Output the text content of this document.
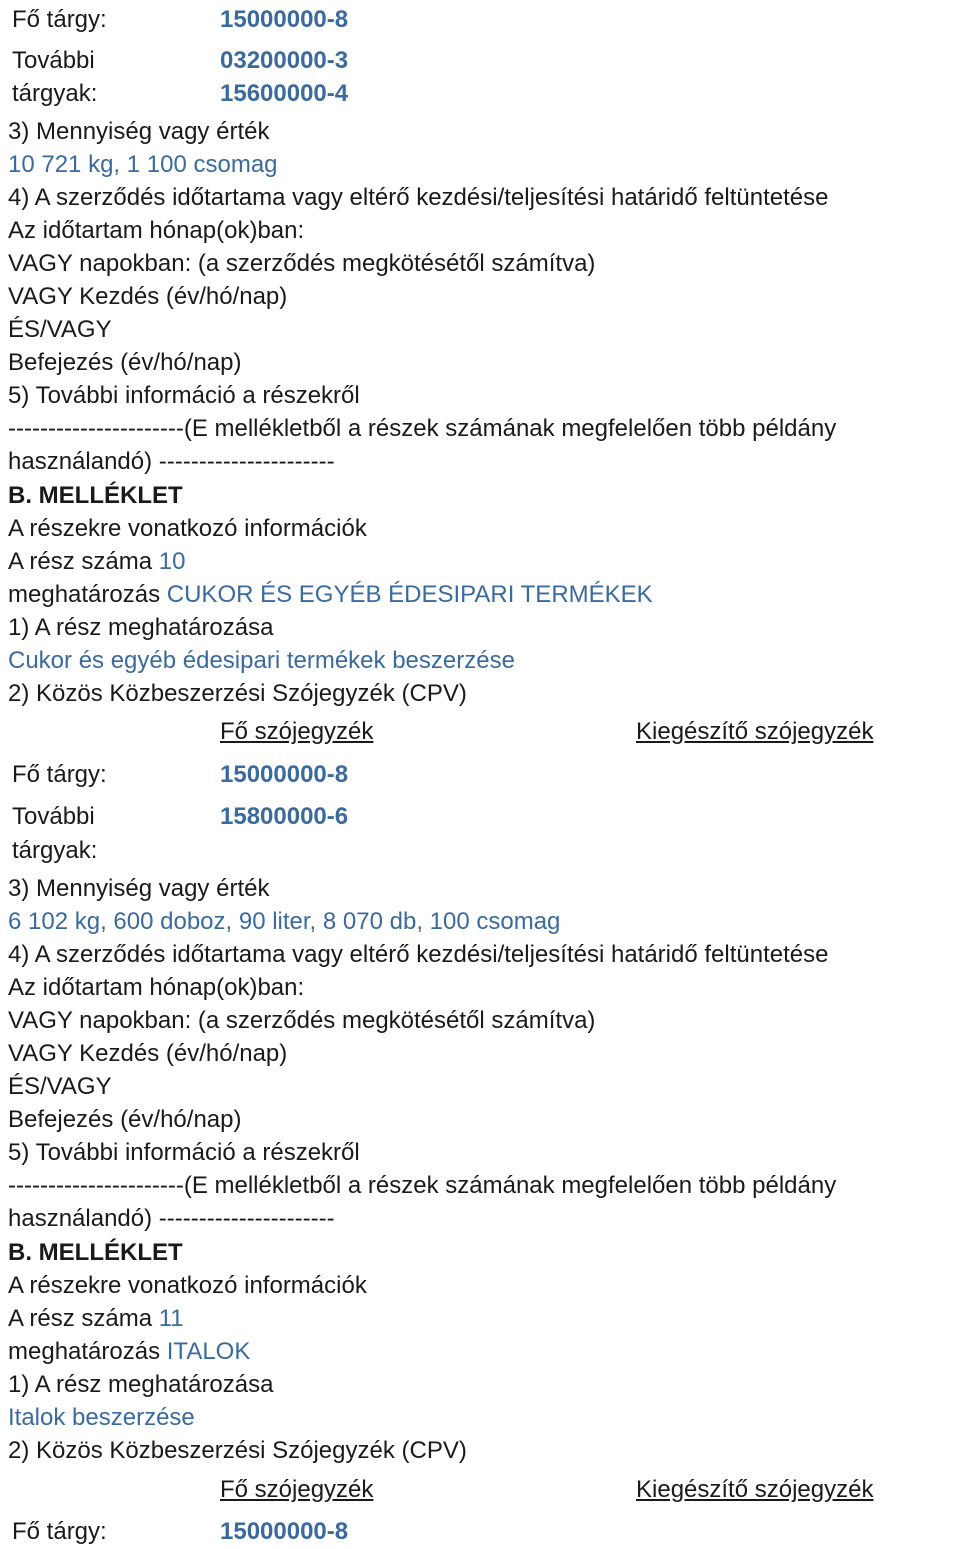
Fő tárgy:	15000000-8
További	03200000-3
tárgyak:	15600000-4
3) Mennyiség vagy érték
10 721 kg, 1 100 csomag
4) A szerződés időtartama vagy eltérő kezdési/teljesítési határidő feltüntetése
Az időtartam hónap(ok)ban:
VAGY napokban: (a szerződés megkötésétől számítva)
VAGY Kezdés (év/hó/nap)
ÉS/VAGY
Befejezés (év/hó/nap)
5) További információ a részekről
----------------------(E mellékletből a részek számának megfelelően több példány
használandó) ----------------------
B. MELLÉKLET
A részekre vonatkozó információk
A rész száma 10
meghatározás CUKOR ÉS EGYÉB ÉDESIPARI TERMÉKEK
1) A rész meghatározása
Cukor és egyéb édesipari termékek beszerzése
2) Közös Közbeszerzési Szójegyzék (CPV)
Fő szójegyzék	Kiegészítő szójegyzék
Fő tárgy:	15000000-8
További	15800000-6
tárgyak:
3) Mennyiség vagy érték
6 102 kg, 600 doboz, 90 liter, 8 070 db, 100 csomag
4) A szerződés időtartama vagy eltérő kezdési/teljesítési határidő feltüntetése
Az időtartam hónap(ok)ban:
VAGY napokban: (a szerződés megkötésétől számítva)
VAGY Kezdés (év/hó/nap)
ÉS/VAGY
Befejezés (év/hó/nap)
5) További információ a részekről
----------------------(E mellékletből a részek számának megfelelően több példány
használandó) ----------------------
B. MELLÉKLET
A részekre vonatkozó információk
A rész száma 11
meghatározás ITALOK
1) A rész meghatározása
Italok beszerzése
2) Közös Közbeszerzési Szójegyzék (CPV)
Fő szójegyzék	Kiegészítő szójegyzék
Fő tárgy:	15000000-8
